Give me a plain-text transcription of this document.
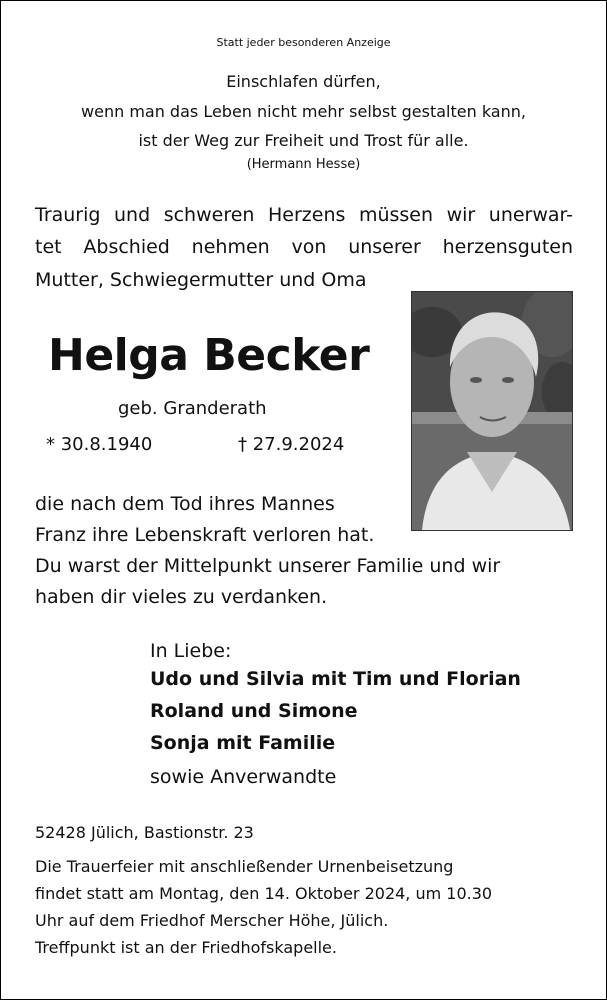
Statt jeder besonderen Anzeige
Einschlafen dürfen,
wenn man das Leben nicht mehr selbst gestalten kann,
ist der Weg zur Freiheit und Trost für alle.
(Hermann Hesse)
Traurig und schweren Herzens müssen wir unerwar-
tet Abschied nehmen von unserer herzensguten
Mutter, Schwiegermutter und Oma
Helga Becker
geb. Granderath
* 30.8.1940	† 27.9.2024
die nach dem Tod ihres Mannes
Franz ihre Lebenskraft verloren hat.
Du warst der Mittelpunkt unserer Familie und wir
haben dir vieles zu verdanken.
In Liebe:
Udo und Silvia mit Tim und Florian
Roland und Simone
Sonja mit Familie
sowie Anverwandte
52428 Jülich, Bastionstr. 23
Die Trauerfeier mit anschließender Urnenbeisetzung
findet statt am Montag, den 14. Oktober 2024, um 10.30
Uhr auf dem Friedhof Merscher Höhe, Jülich.
Treffpunkt ist an der Friedhofskapelle.
